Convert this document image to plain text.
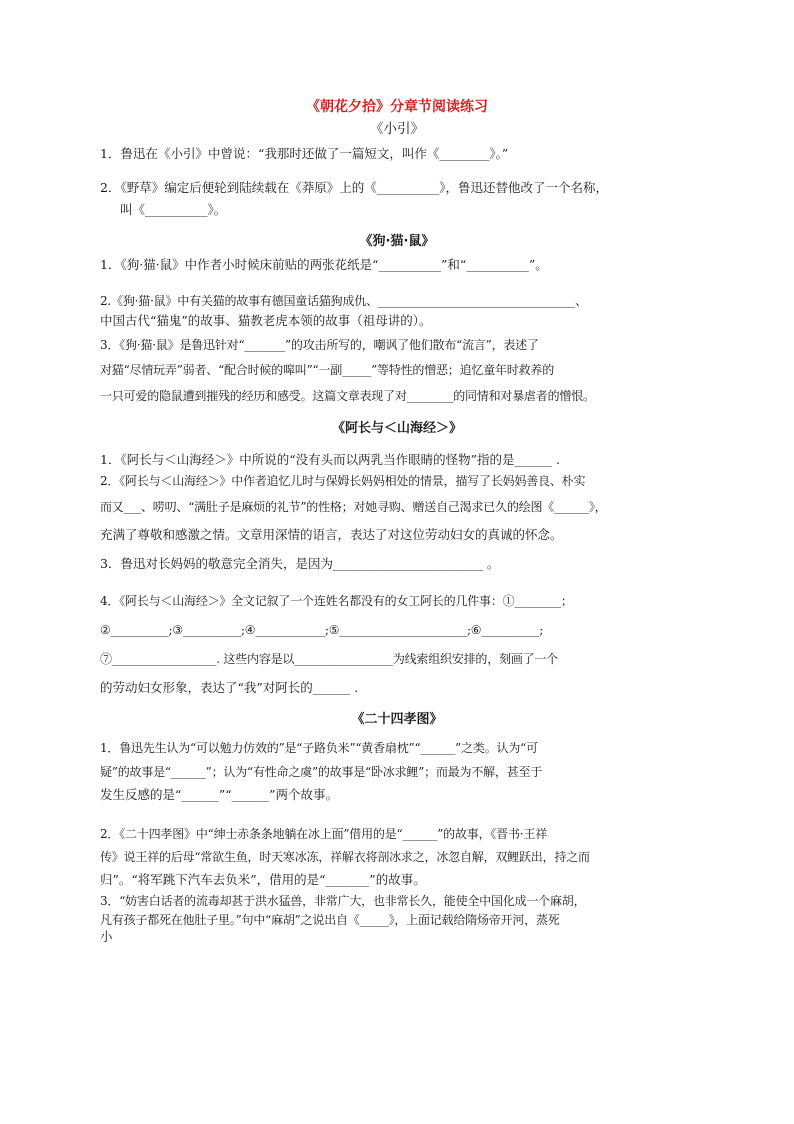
《朝花夕拾》分章节阅读练习
《小引》
1．鲁迅在《小引》中曾说：“我那时还做了一篇短文，叫作《________》。”
2．《野草》编定后便轮到陆续载在《莽原》上的《__________》，鲁迅还替他改了一个名称，
叫《__________》。
《狗·猫·鼠》
1．《狗·猫·鼠》中作者小时候床前贴的两张花纸是“__________”和“__________”。
2.《狗·猫·鼠》中有关猫的故事有德国童话猫狗成仇、__________________________________、
中国古代“猫鬼”的故事、猫教老虎本领的故事（祖母讲的）。
3．《狗·猫·鼠》是鲁迅针对“_______”的攻击所写的，嘲讽了他们散布“流言”，表述了
对猫“尽情玩弄”弱者、“配合时候的嗥叫”“一副_____”等特性的憎恶；追忆童年时救养的
一只可爱的隐鼠遭到摧残的经历和感受。这篇文章表现了对________的同情和对暴虐者的憎恨。
《阿长与＜山海经＞》
1．《阿长与＜山海经＞》中所说的“没有头而以两乳当作眼睛的怪物”指的是______ .
2．《阿长与＜山海经＞》中作者追忆儿时与保姆长妈妈相处的情景，描写了长妈妈善良、朴实
而又___、唠叨、“满肚子是麻烦的礼节”的性格；对她寻购、赠送自己渴求已久的绘图《______》，
充满了尊敬和感激之情。文章用深情的语言，表达了对这位劳动妇女的真诚的怀念。
3．鲁迅对长妈妈的敬意完全消失，是因为________________________ 。
4．《阿长与＜山海经＞》全文记叙了一个连姓名都没有的女工阿长的几件事：①________；
②__________;③__________;④____________;⑤______________________;⑥__________;
⑦__________________. 这些内容是以_________________为线索组织安排的，刻画了一个
的劳动妇女形象，表达了“我”对阿长的______ .
《二十四孝图》
1．鲁迅先生认为“可以勉力仿效的”是“子路负米”“黄香扇枕”“______”之类。认为“可
疑”的故事是“______”；认为“有性命之虞”的故事是“卧冰求鲤”；而最为不解，甚至于
发生反感的是“______”“______”两个故事。
2．《二十四孝图》中“绅士赤条条地躺在冰上面”借用的是“______”的故事，《晋书·王祥
传》说王祥的后母“常欲生鱼，时天寒冰冻，祥解衣将剖冰求之，冰忽自解，双鲤跃出，持之而
归”。“将军跳下汽车去负米”，借用的是“_______”的故事。
3．“妨害白话者的流毒却甚于洪水猛兽，非常广大，也非常长久，能使全中国化成一个麻胡，
凡有孩子都死在他肚子里。”句中“麻胡”之说出自《_____》，上面记载给隋炀帝开河，蒸死
小
